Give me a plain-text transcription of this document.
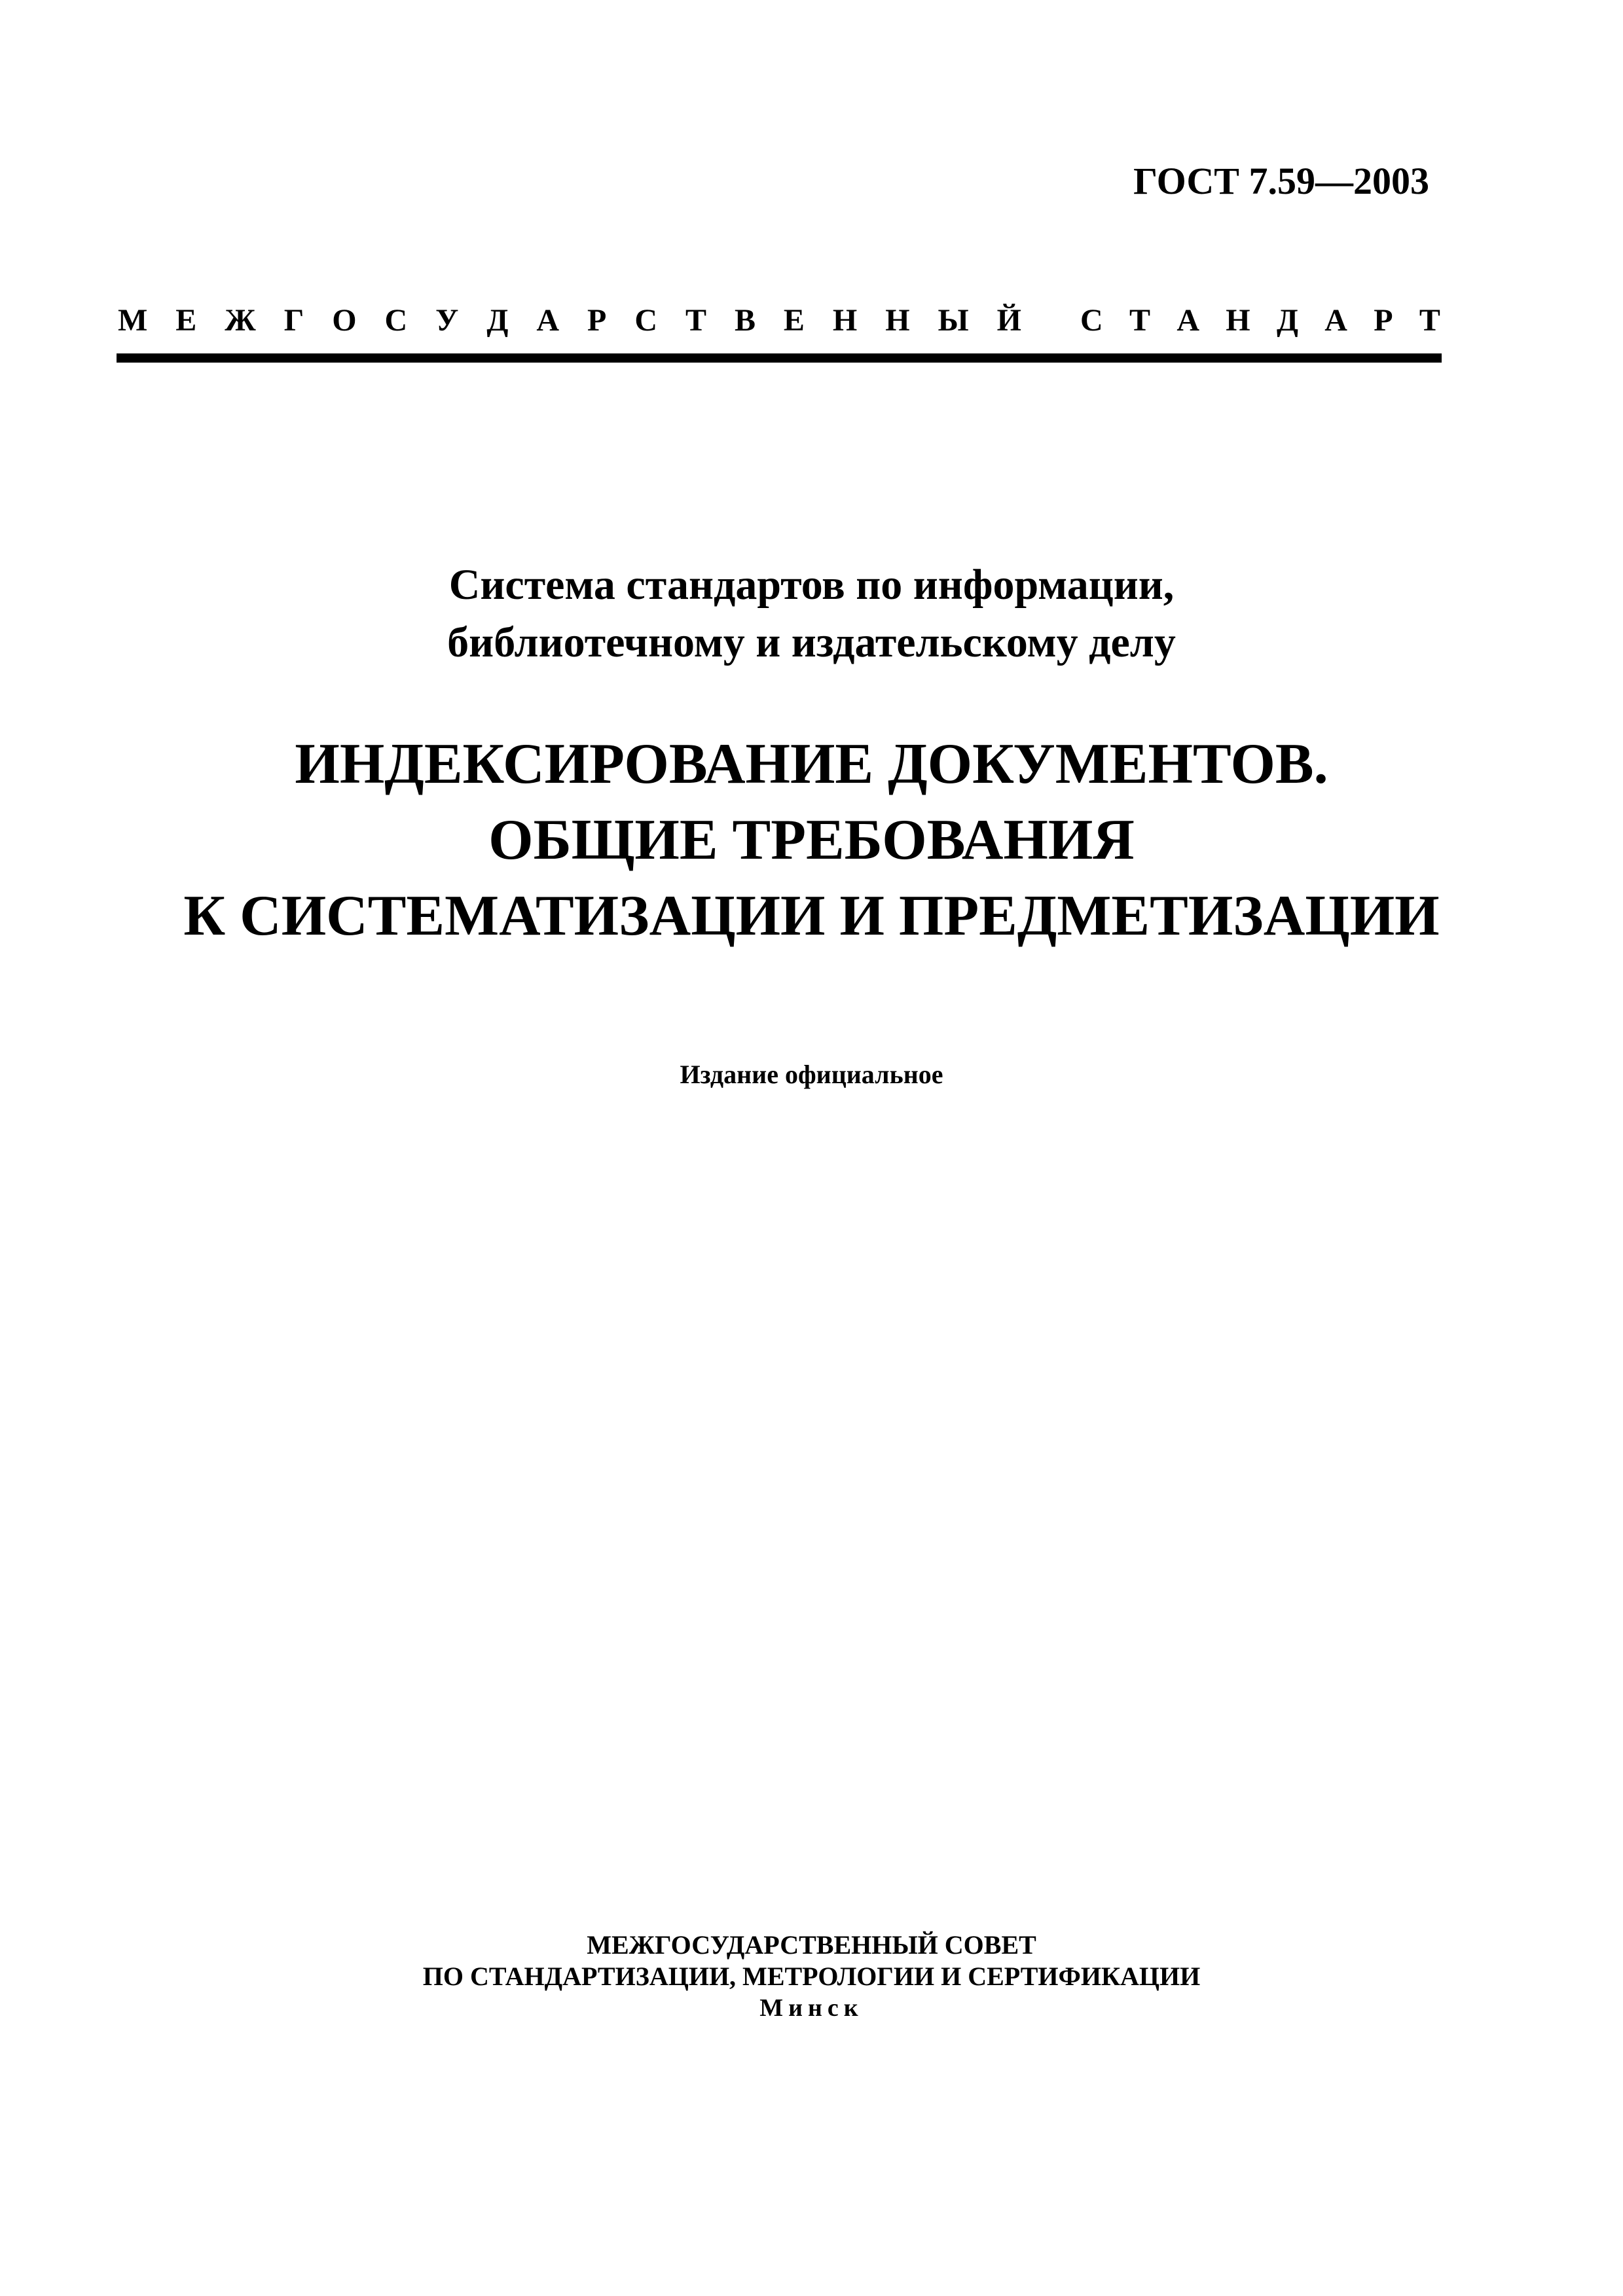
ГОСТ 7.59—2003
М Е Ж Г О С У Д А Р С Т В Е Н Н Ы Й С Т А Н Д А Р Т
Система стандартов по информации,
библиотечному и издательскому делу
ИНДЕКСИРОВАНИЕ ДОКУМЕНТОВ.
ОБЩИЕ ТРЕБОВАНИЯ
К СИСТЕМАТИЗАЦИИ И ПРЕДМЕТИЗАЦИИ
Издание официальное
МЕЖГОСУДАРСТВЕННЫЙ СОВЕТ
ПО СТАНДАРТИЗАЦИИ, МЕТРОЛОГИИ И СЕРТИФИКАЦИИ
Минск
